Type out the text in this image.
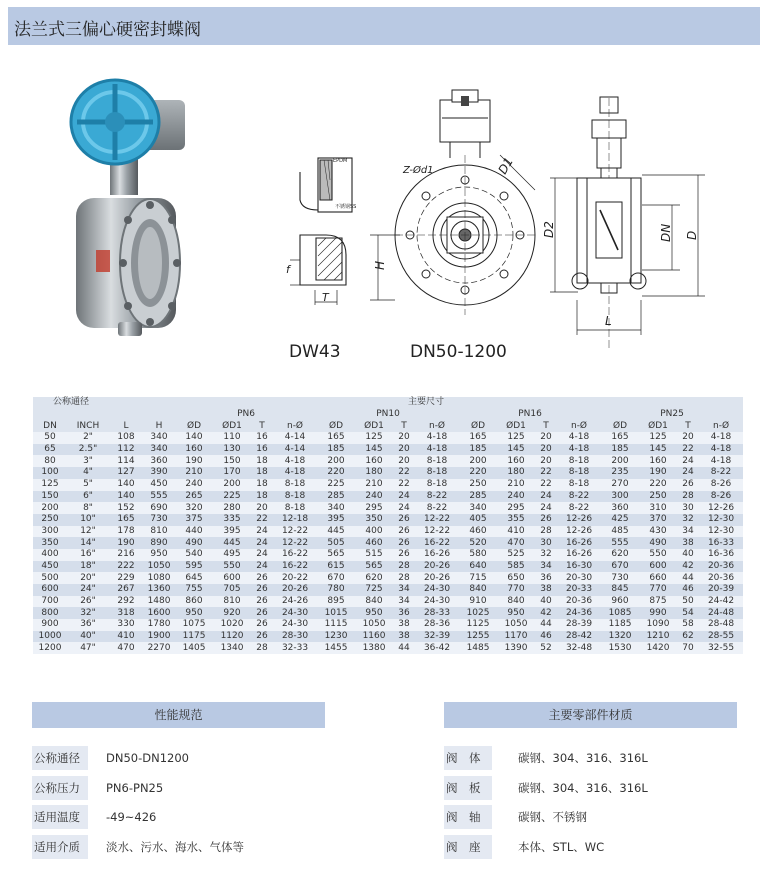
法兰式三偏心硬密封蝶阀
EPDM
不锈钢SS
f
T
H
Z-Ød1	D1
D2	DN D
L
DW43	DN50-1200
公称通径		主要尺寸																	
				PN6				PN10				PN16				PN25			
DN	INCH	L	H	ØD	ØD1	T	n-Ø	ØD	ØD1	T	n-Ø	ØD	ØD1	T	n-Ø	ØD	ØD1	T	n-Ø
50	2"	108	340	140	110	16	4-14	165	125	20	4-18	165	125	20	4-18	165	125	20	4-18
65	2.5"	112	340	160	130	16	4-14	185	145	20	4-18	185	145	20	4-18	185	145	22	4-18
80	3"	114	360	190	150	18	4-18	200	160	20	8-18	200	160	20	8-18	200	160	24	4-18
100	4"	127	390	210	170	18	4-18	220	180	22	8-18	220	180	22	8-18	235	190	24	8-22
125	5"	140	450	240	200	18	8-18	225	210	22	8-18	250	210	22	8-18	270	220	26	8-26
150	6"	140	555	265	225	18	8-18	285	240	24	8-22	285	240	24	8-22	300	250	28	8-26
200	8"	152	690	320	280	20	8-18	340	295	24	8-22	340	295	24	8-22	360	310	30	12-26
250	10"	165	730	375	335	22	12-18	395	350	26	12-22	405	355	26	12-26	425	370	32	12-30
300	12"	178	810	440	395	24	12-22	445	400	26	12-22	460	410	28	12-26	485	430	34	12-30
350	14"	190	890	490	445	24	12-22	505	460	26	16-22	520	470	30	16-26	555	490	38	16-33
400	16"	216	950	540	495	24	16-22	565	515	26	16-26	580	525	32	16-26	620	550	40	16-36
450	18"	222	1050	595	550	24	16-22	615	565	28	20-26	640	585	34	16-30	670	600	42	20-36
500	20"	229	1080	645	600	26	20-22	670	620	28	20-26	715	650	36	20-30	730	660	44	20-36
600	24"	267	1360	755	705	26	20-26	780	725	34	24-30	840	770	38	20-33	845	770	46	20-39
700	26"	292	1480	860	810	26	24-26	895	840	34	24-30	910	840	40	20-36	960	875	50	24-42
800	32"	318	1600	950	920	26	24-30	1015	950	36	28-33	1025	950	42	24-36	1085	990	54	24-48
900	36"	330	1780	1075	1020	26	24-30	1115	1050	38	28-36	1125	1050	44	28-39	1185	1090	58	28-48
1000	40"	410	1900	1175	1120	26	28-30	1230	1160	38	32-39	1255	1170	46	28-42	1320	1210	62	28-55
1200	47"	470	2270	1405	1340	28	32-33	1455	1380	44	36-42	1485	1390	52	32-48	1530	1420	70	32-55
性能规范
公称通径	DN50-DN1200
公称压力	PN6-PN25
适用温度	-49~426
适用介质	淡水、污水、海水、气体等
主要零部件材质
阀　体	碳钢、304、316、316L
阀　板	碳钢、304、316、316L
阀　轴	碳钢、不锈钢
阀　座	本体、STL、WC
